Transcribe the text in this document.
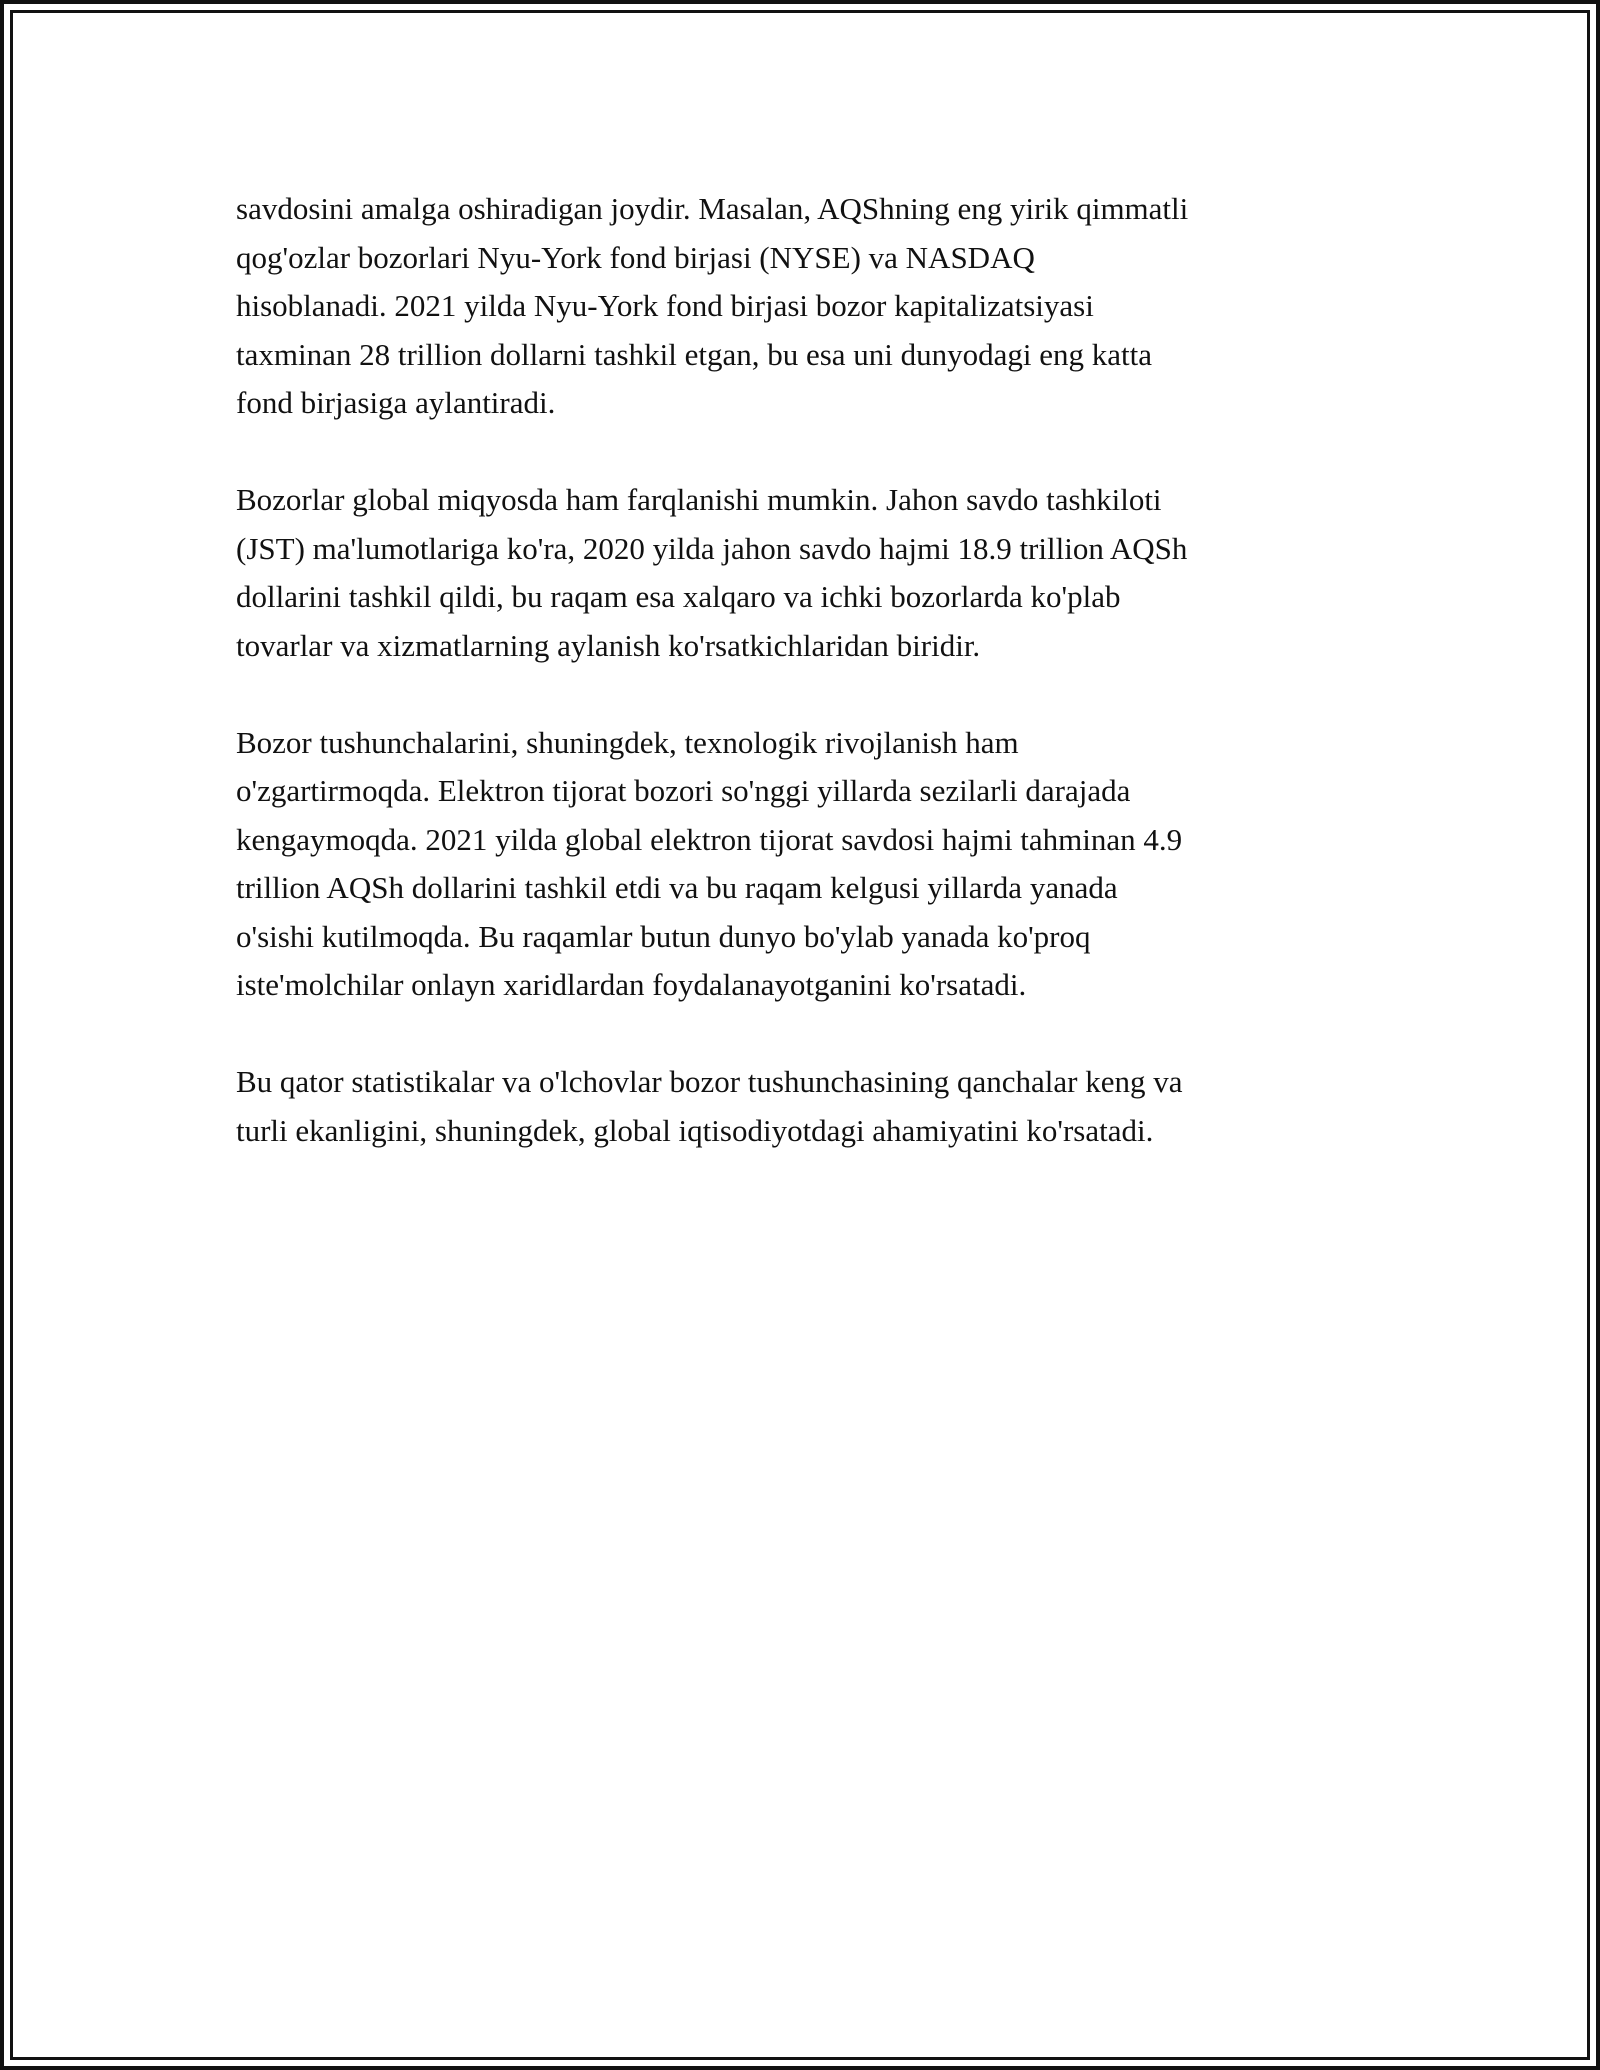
savdosini amalga oshiradigan joydir. Masalan, AQShning eng yirik qimmatli
qog'ozlar bozorlari Nyu-York fond birjasi (NYSE) va NASDAQ
hisoblanadi. 2021 yilda Nyu-York fond birjasi bozor kapitalizatsiyasi
taxminan 28 trillion dollarni tashkil etgan, bu esa uni dunyodagi eng katta
fond birjasiga aylantiradi.

Bozorlar global miqyosda ham farqlanishi mumkin. Jahon savdo tashkiloti
(JST) ma'lumotlariga ko'ra, 2020 yilda jahon savdo hajmi 18.9 trillion AQSh
dollarini tashkil qildi, bu raqam esa xalqaro va ichki bozorlarda ko'plab
tovarlar va xizmatlarning aylanish ko'rsatkichlaridan biridir.

Bozor tushunchalarini, shuningdek, texnologik rivojlanish ham
o'zgartirmoqda. Elektron tijorat bozori so'nggi yillarda sezilarli darajada
kengaymoqda. 2021 yilda global elektron tijorat savdosi hajmi tahminan 4.9
trillion AQSh dollarini tashkil etdi va bu raqam kelgusi yillarda yanada
o'sishi kutilmoqda. Bu raqamlar butun dunyo bo'ylab yanada ko'proq
iste'molchilar onlayn xaridlardan foydalanayotganini ko'rsatadi.

Bu qator statistikalar va o'lchovlar bozor tushunchasining qanchalar keng va
turli ekanligini, shuningdek, global iqtisodiyotdagi ahamiyatini ko'rsatadi.
